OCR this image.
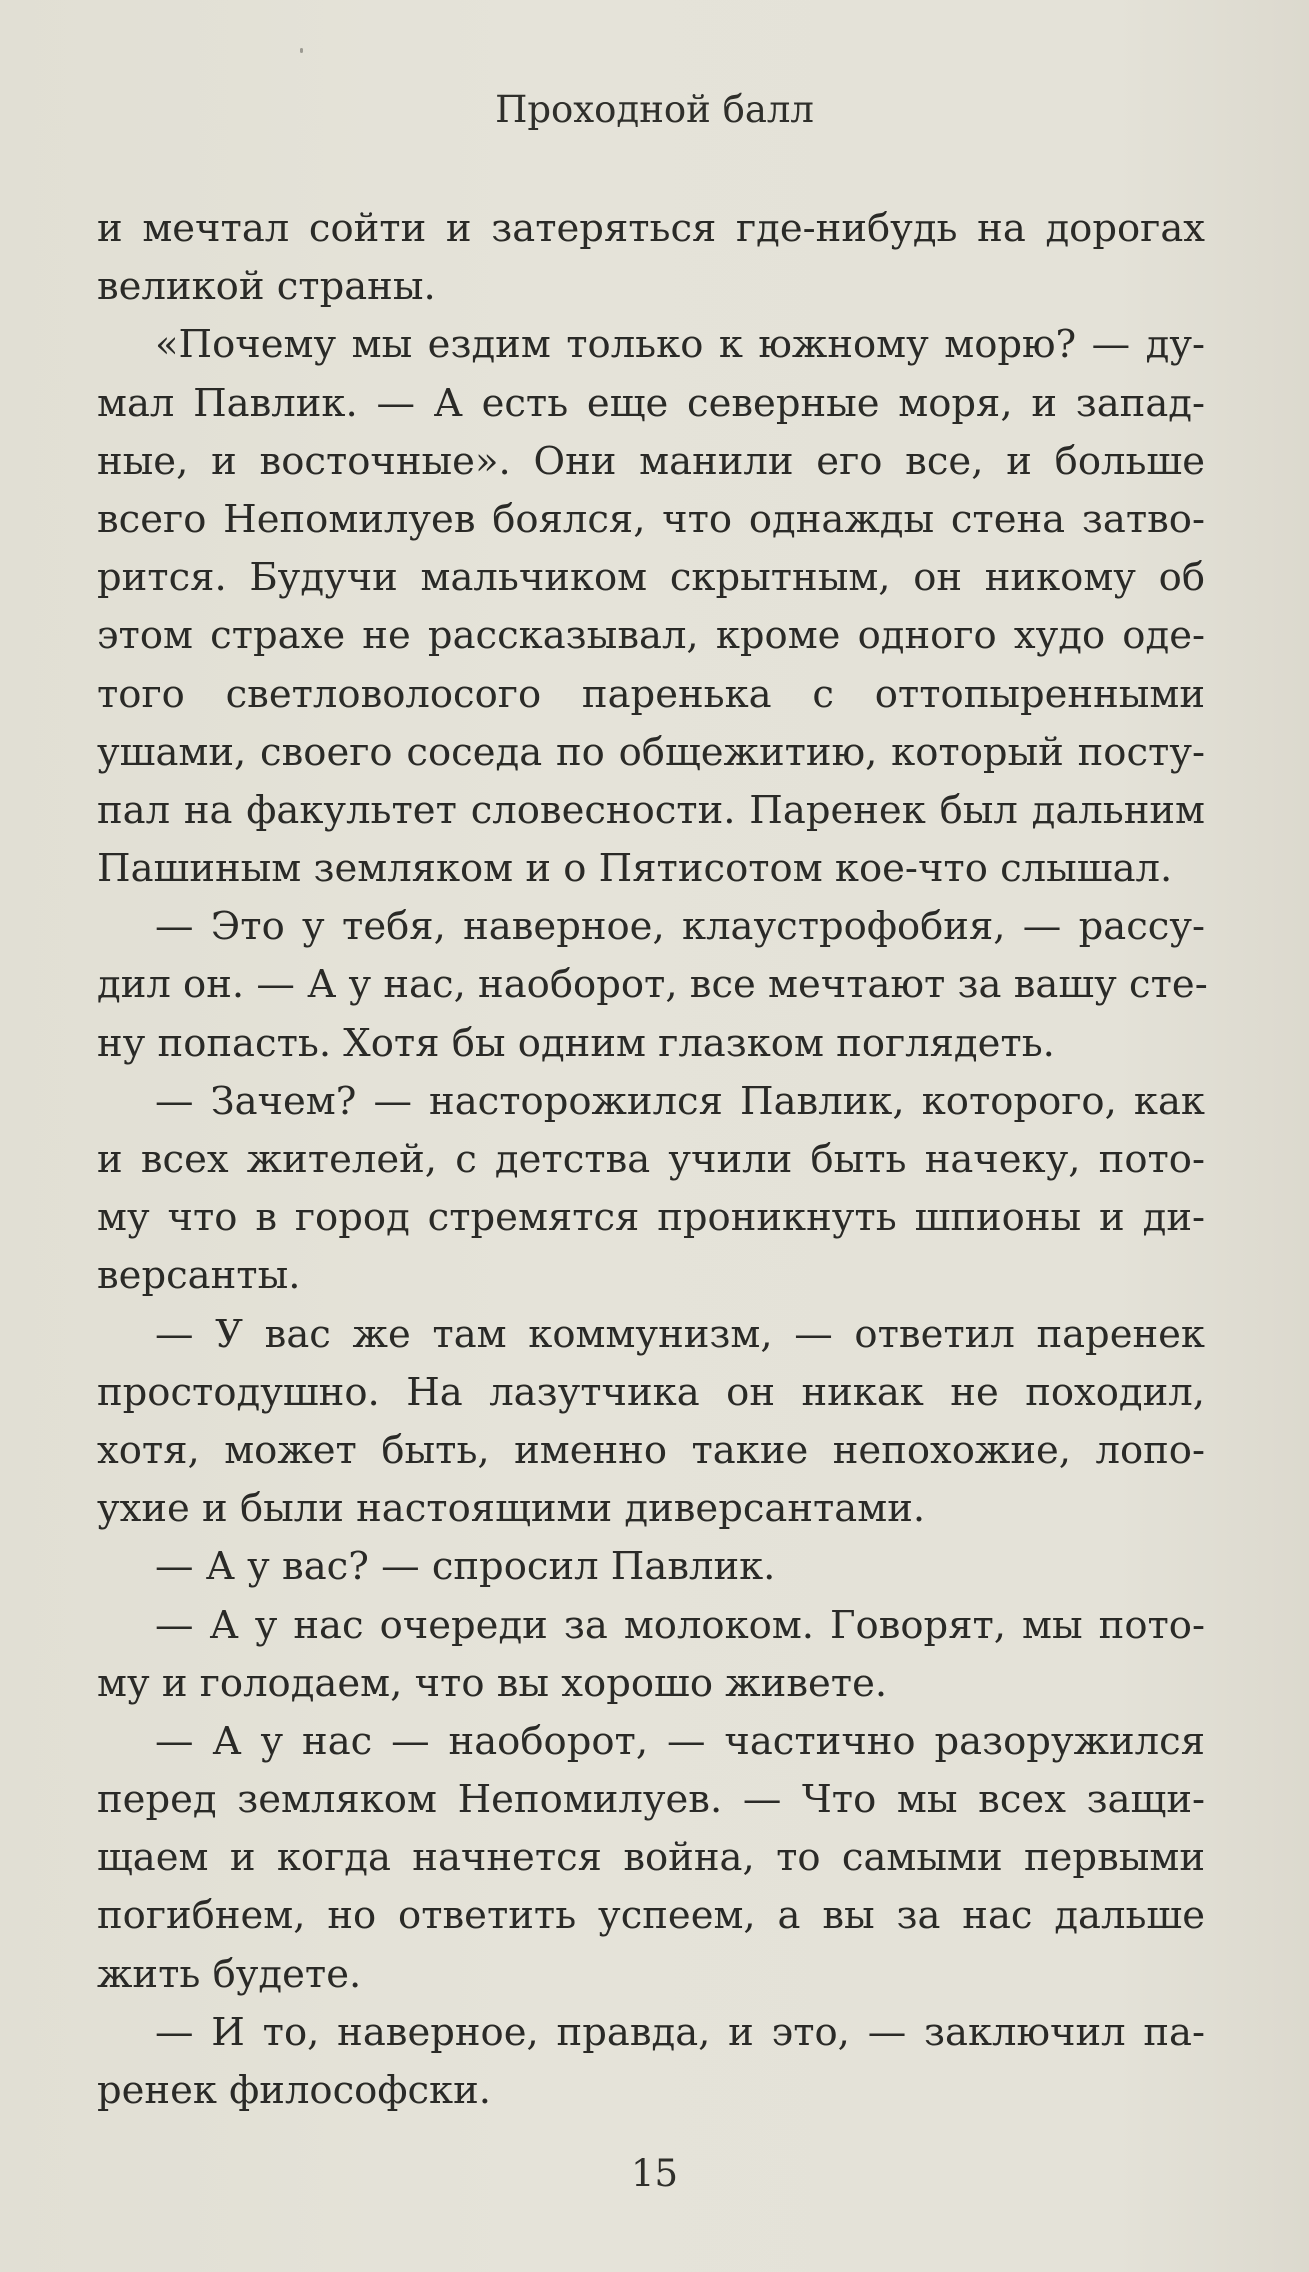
Проходной балл
и мечтал сойти и затеряться где-нибудь на дорогах
великой страны.
«Почему мы ездим только к южному морю? — ду-
мал Павлик. — А есть еще северные моря, и запад-
ные, и восточные». Они манили его все, и больше
всего Непомилуев боялся, что однажды стена затво-
рится. Будучи мальчиком скрытным, он никому об
этом страхе не рассказывал, кроме одного худо оде-
того светловолосого паренька с оттопыренными
ушами, своего соседа по общежитию, который посту-
пал на факультет словесности. Паренек был дальним
Пашиным земляком и о Пятисотом кое-что слышал.
— Это у тебя, наверное, клаустрофобия, — рассу-
дил он. — А у нас, наоборот, все мечтают за вашу сте-
ну попасть. Хотя бы одним глазком поглядеть.
— Зачем? — насторожился Павлик, которого, как
и всех жителей, с детства учили быть начеку, пото-
му что в город стремятся проникнуть шпионы и ди-
версанты.
— У вас же там коммунизм, — ответил паренек
простодушно. На лазутчика он никак не походил,
хотя, может быть, именно такие непохожие, лопо-
ухие и были настоящими диверсантами.
— А у вас? — спросил Павлик.
— А у нас очереди за молоком. Говорят, мы пото-
му и голодаем, что вы хорошо живете.
— А у нас — наоборот, — частично разоружился
перед земляком Непомилуев. — Что мы всех защи-
щаем и когда начнется война, то самыми первыми
погибнем, но ответить успеем, а вы за нас дальше
жить будете.
— И то, наверное, правда, и это, — заключил па-
ренек философски.
15
